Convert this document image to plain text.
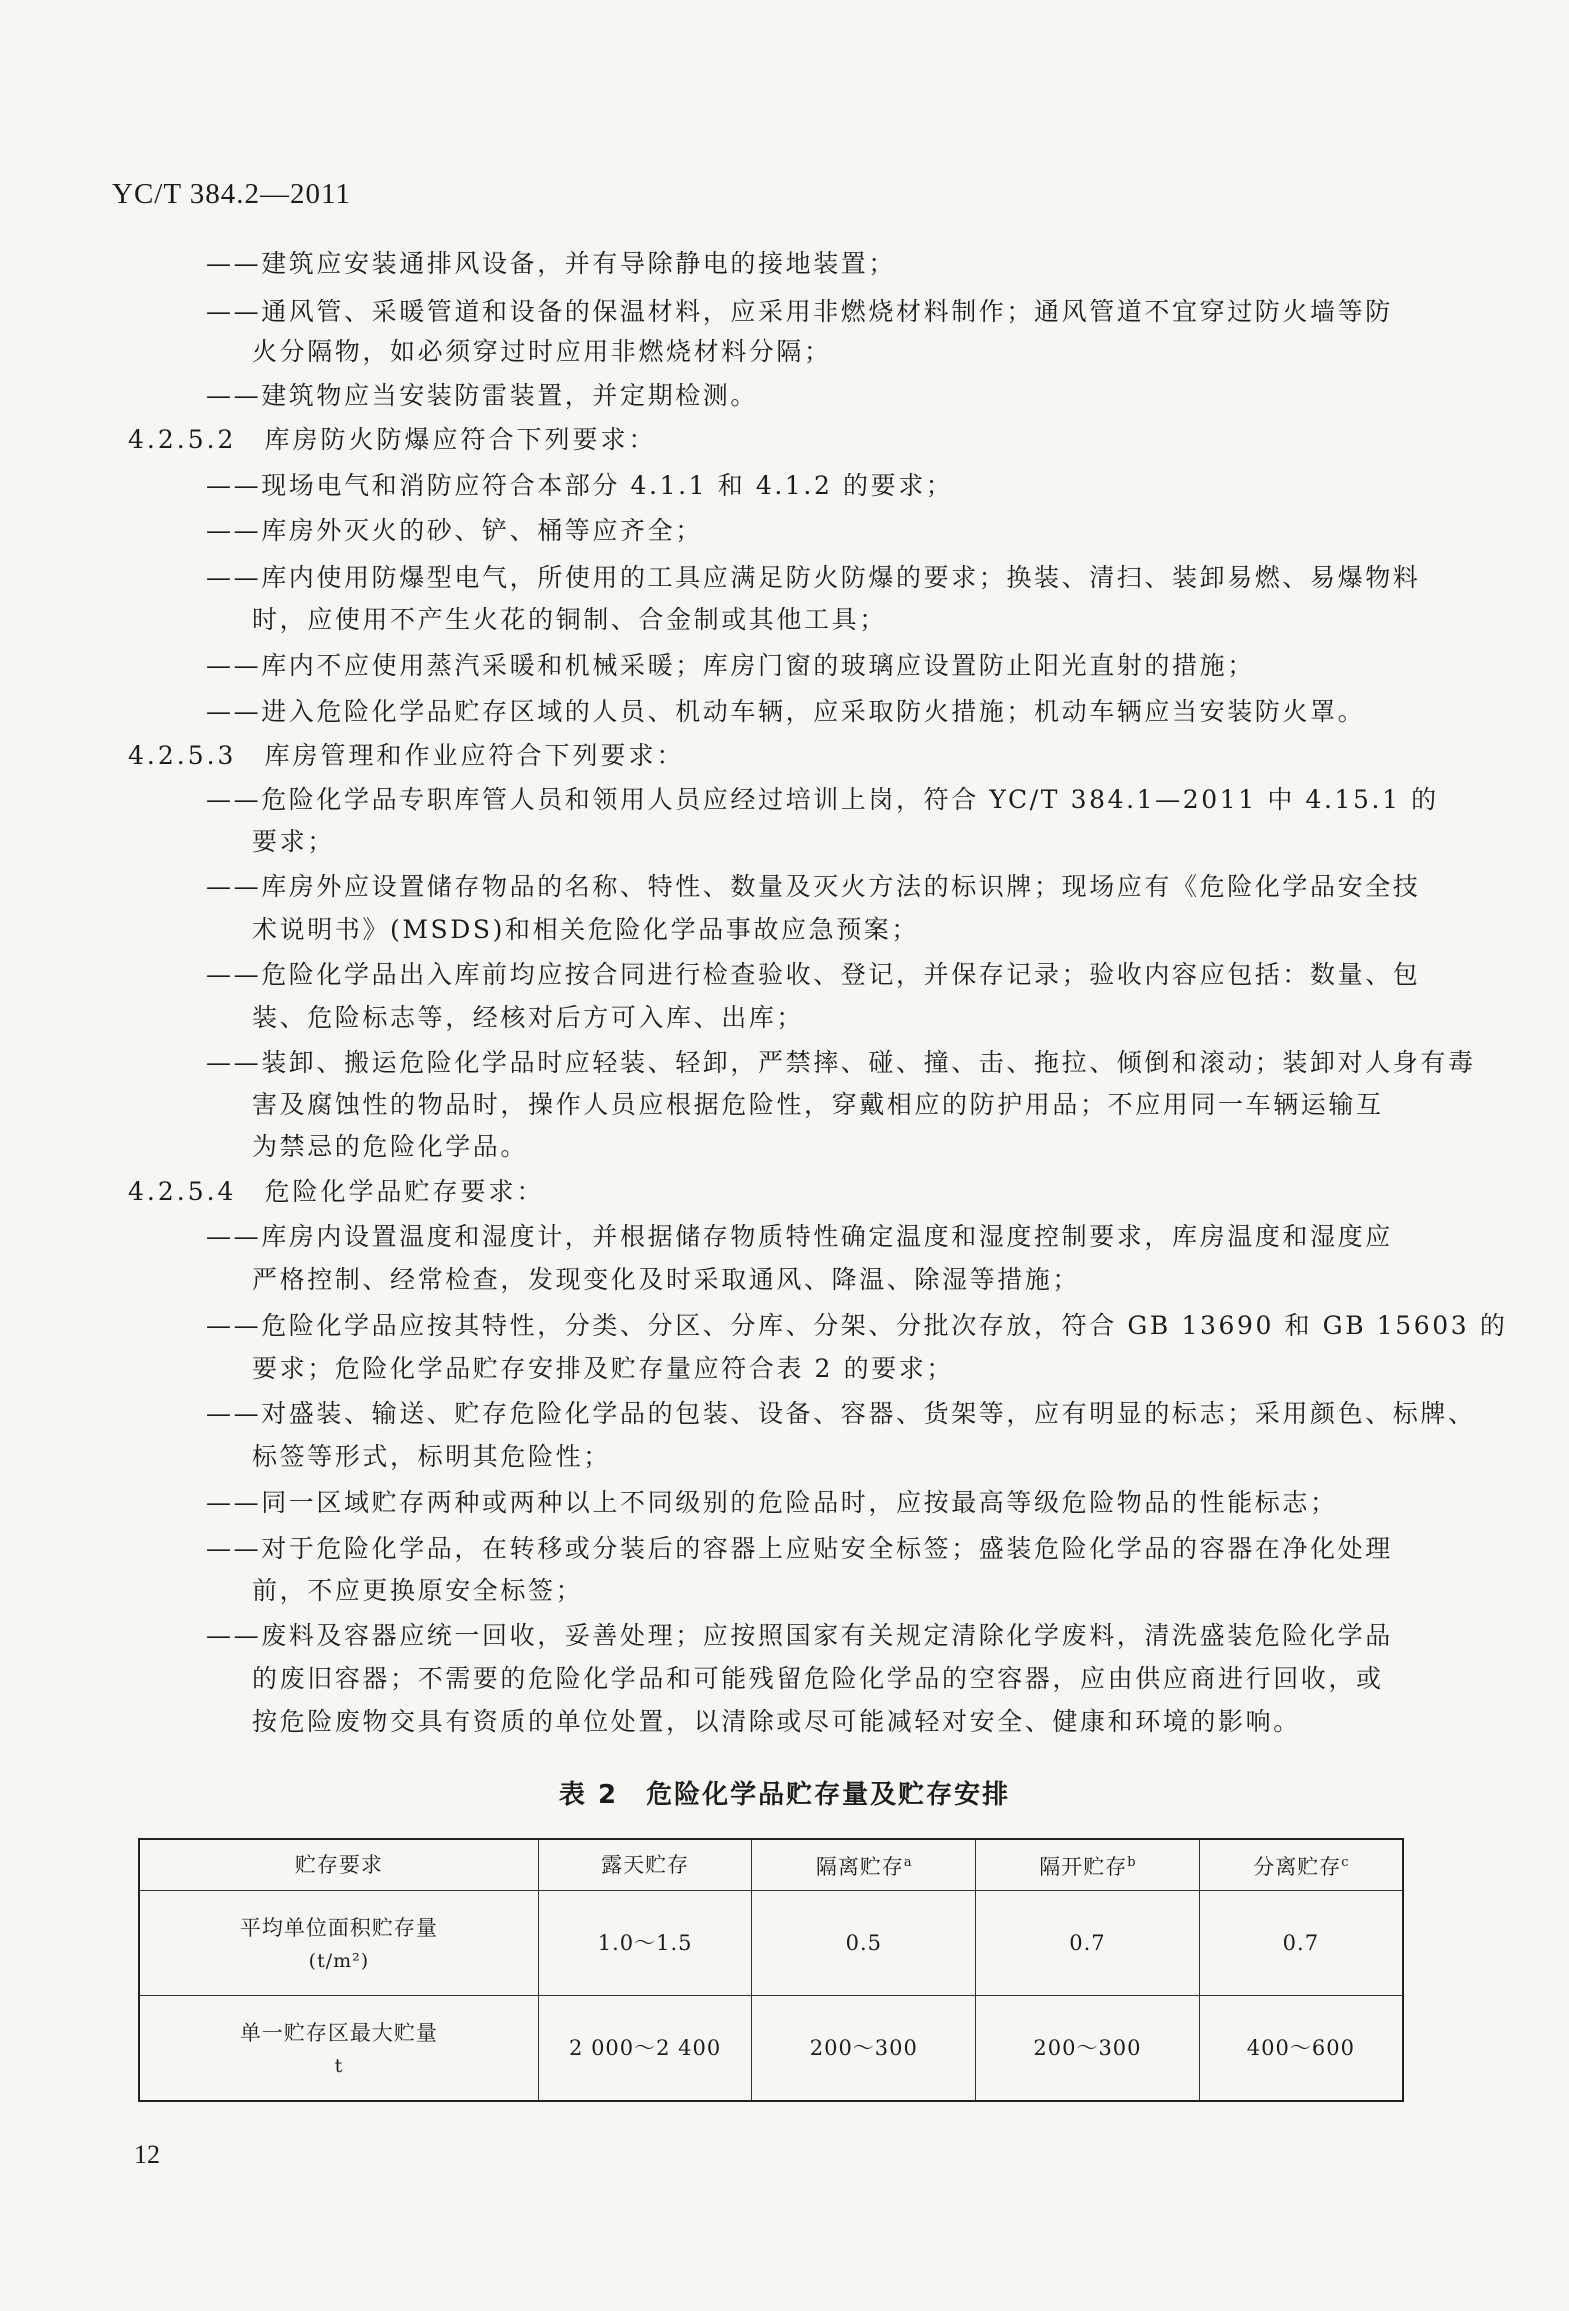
YC/T 384.2—2011
——建筑应安装通排风设备，并有导除静电的接地装置；
——通风管、采暖管道和设备的保温材料，应采用非燃烧材料制作；通风管道不宜穿过防火墙等防
火分隔物，如必须穿过时应用非燃烧材料分隔；
——建筑物应当安装防雷装置，并定期检测。
4.2.5.2　库房防火防爆应符合下列要求：
——现场电气和消防应符合本部分 4.1.1 和 4.1.2 的要求；
——库房外灭火的砂、铲、桶等应齐全；
——库内使用防爆型电气，所使用的工具应满足防火防爆的要求；换装、清扫、装卸易燃、易爆物料
时，应使用不产生火花的铜制、合金制或其他工具；
——库内不应使用蒸汽采暖和机械采暖；库房门窗的玻璃应设置防止阳光直射的措施；
——进入危险化学品贮存区域的人员、机动车辆，应采取防火措施；机动车辆应当安装防火罩。
4.2.5.3　库房管理和作业应符合下列要求：
——危险化学品专职库管人员和领用人员应经过培训上岗，符合 YC/T 384.1—2011 中 4.15.1 的
要求；
——库房外应设置储存物品的名称、特性、数量及灭火方法的标识牌；现场应有《危险化学品安全技
术说明书》(MSDS)和相关危险化学品事故应急预案；
——危险化学品出入库前均应按合同进行检查验收、登记，并保存记录；验收内容应包括：数量、包
装、危险标志等，经核对后方可入库、出库；
——装卸、搬运危险化学品时应轻装、轻卸，严禁摔、碰、撞、击、拖拉、倾倒和滚动；装卸对人身有毒
害及腐蚀性的物品时，操作人员应根据危险性，穿戴相应的防护用品；不应用同一车辆运输互
为禁忌的危险化学品。
4.2.5.4　危险化学品贮存要求：
——库房内设置温度和湿度计，并根据储存物质特性确定温度和湿度控制要求，库房温度和湿度应
严格控制、经常检查，发现变化及时采取通风、降温、除湿等措施；
——危险化学品应按其特性，分类、分区、分库、分架、分批次存放，符合 GB 13690 和 GB 15603 的
要求；危险化学品贮存安排及贮存量应符合表 2 的要求；
——对盛装、输送、贮存危险化学品的包装、设备、容器、货架等，应有明显的标志；采用颜色、标牌、
标签等形式，标明其危险性；
——同一区域贮存两种或两种以上不同级别的危险品时，应按最高等级危险物品的性能标志；
——对于危险化学品，在转移或分装后的容器上应贴安全标签；盛装危险化学品的容器在净化处理
前，不应更换原安全标签；
——废料及容器应统一回收，妥善处理；应按照国家有关规定清除化学废料，清洗盛装危险化学品
的废旧容器；不需要的危险化学品和可能残留危险化学品的空容器，应由供应商进行回收，或
按危险废物交具有资质的单位处置，以清除或尽可能减轻对安全、健康和环境的影响。
表 2　危险化学品贮存量及贮存安排
贮存要求	露天贮存	隔离贮存$^a$	隔开贮存$^b$	分离贮存$^c$
平均单位面积贮存量
(t/m²)	1.0～1.5	0.5	0.7	0.7
单一贮存区最大贮量
t	2 000～2 400	200～300	200～300	400～600
12
